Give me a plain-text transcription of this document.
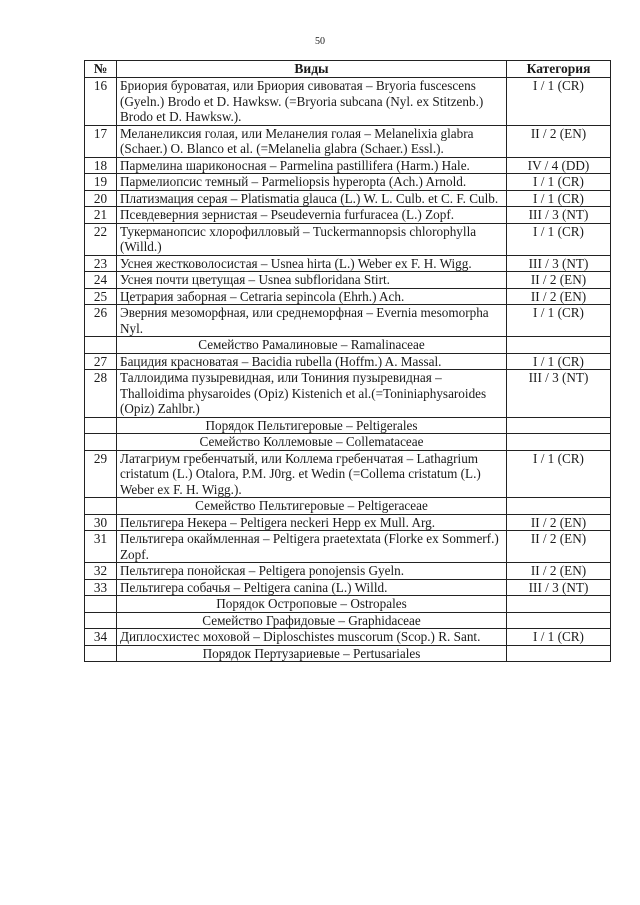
50
№	Виды	Категория
16	Бриория буроватая, или Бриория сивоватая – Bryoria fuscescens (Gyeln.) Brodo et D. Hawksw. (=Bryoria subcana (Nyl. ex Stitzenb.) Brodo et D. Hawksw.).	I / 1 (CR)
17	Меланеликсия голая, или Меланелия голая – Melanelixia glabra (Schaer.) O. Blanco et al. (=Melanelia glabra (Schaer.) Essl.).	II / 2 (EN)
18	Пармелина шариконосная – Parmelina pastillifera (Harm.) Hale.	IV / 4 (DD)
19	Пармелиопсис темный – Parmeliopsis hyperopta (Ach.) Arnold.	I / 1 (CR)
20	Платизмация серая – Platismatia glauca (L.) W. L. Culb. et C. F. Culb.	I / 1 (CR)
21	Псевдеверния зернистая – Pseudevernia furfuracea (L.) Zopf.	III / 3 (NT)
22	Тукерманопсис хлорофилловый – Tuckermannopsis chlorophylla (Willd.)	I / 1 (CR)
23	Уснея жестковолосистая – Usnea hirta (L.) Weber ex F. H. Wigg.	III / 3 (NT)
24	Уснея почти цветущая – Usnea subfloridana Stirt.	II / 2 (EN)
25	Цетрария заборная – Cetraria sepincola (Ehrh.) Ach.	II / 2 (EN)
26	Эверния мезоморфная, или среднеморфная – Evernia mesomorpha Nyl.	I / 1 (CR)
	Семейство Рамалиновые – Ramalinaceae	
27	Бацидия красноватая – Bacidia rubella (Hoffm.) A. Massal.	I / 1 (CR)
28	Таллоидима пузыревидная, или Тониния пузыревидная – Thalloidima physaroides (Opiz) Kistenich et al.(=Toniniaphysaroides (Opiz) Zahlbr.)	III / 3 (NT)
	Порядок Пельтигеровые – Peltigerales	
	Семейство Коллемовые – Collemataceae	
29	Латагриум гребенчатый, или Коллема гребенчатая – Lathagrium cristatum (L.) Otalora, P.M. J0rg. et Wedin (=Collema cristatum (L.) Weber ex F. H. Wigg.).	I / 1 (CR)
	Семейство Пельтигеровые – Peltigeraceae	
30	Пельтигера Некера – Peltigera neckeri Hepp ex Mull. Arg.	II / 2 (EN)
31	Пельтигера окаймленная – Peltigera praetextata (Florke ex Sommerf.) Zopf.	II / 2 (EN)
32	Пельтигера понойская – Peltigera ponojensis Gyeln.	II / 2 (EN)
33	Пельтигера собачья – Peltigera canina (L.) Willd.	III / 3 (NT)
	Порядок Остроповые – Ostropales	
	Семейство Графидовые – Graphidaceae	
34	Диплосхистес моховой – Diploschistes muscorum (Scop.) R. Sant.	I / 1 (CR)
	Порядок Пертузариевые – Pertusariales	
